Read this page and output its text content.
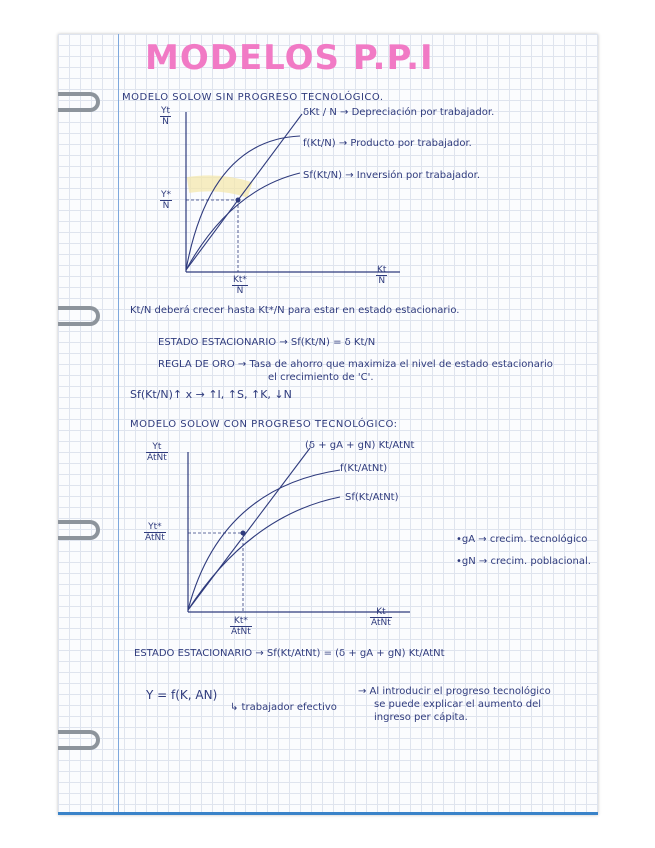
MODELOS P.P.I
MODELO SOLOW SIN PROGRESO TECNOLÓGICO.
$\frac{Yt}{N}$
$\frac{Y*}{N}$
$\frac{Kt*}{N}$	$\frac{Kt}{N}$
δKt / N → Depreciación por trabajador.
f(Kt/N) → Producto por trabajador.
Sf(Kt/N) → Inversión por trabajador.
Kt/N deberá crecer hasta Kt*/N para estar en estado estacionario.
ESTADO ESTACIONARIO → Sf(Kt/N) = δ Kt/N
REGLA DE ORO → Tasa de ahorro que maximiza el nivel de estado estacionario
el crecimiento de 'C'.
Sf(Kt/N)↑ x → ↑I, ↑S, ↑K, ↓N
MODELO SOLOW CON PROGRESO TECNOLÓGICO:
$\frac{Yt}{\text{AtNt}}$
$\frac{Yt*}{\text{AtNt}}$
$\frac{Kt*}{\text{AtNt}}$	$\frac{Kt}{\text{AtNt}}$
(δ + gA + gN) Kt/AtNt
f(Kt/AtNt)
Sf(Kt/AtNt)
•gA → crecim. tecnológico
•gN → crecim. poblacional.
ESTADO ESTACIONARIO → Sf(Kt/AtNt) = (δ + gA + gN) Kt/AtNt
Y = f(K, AN)
↳ trabajador efectivo
→ Al introducir el progreso tecnológico
se puede explicar el aumento del
ingreso per cápita.
